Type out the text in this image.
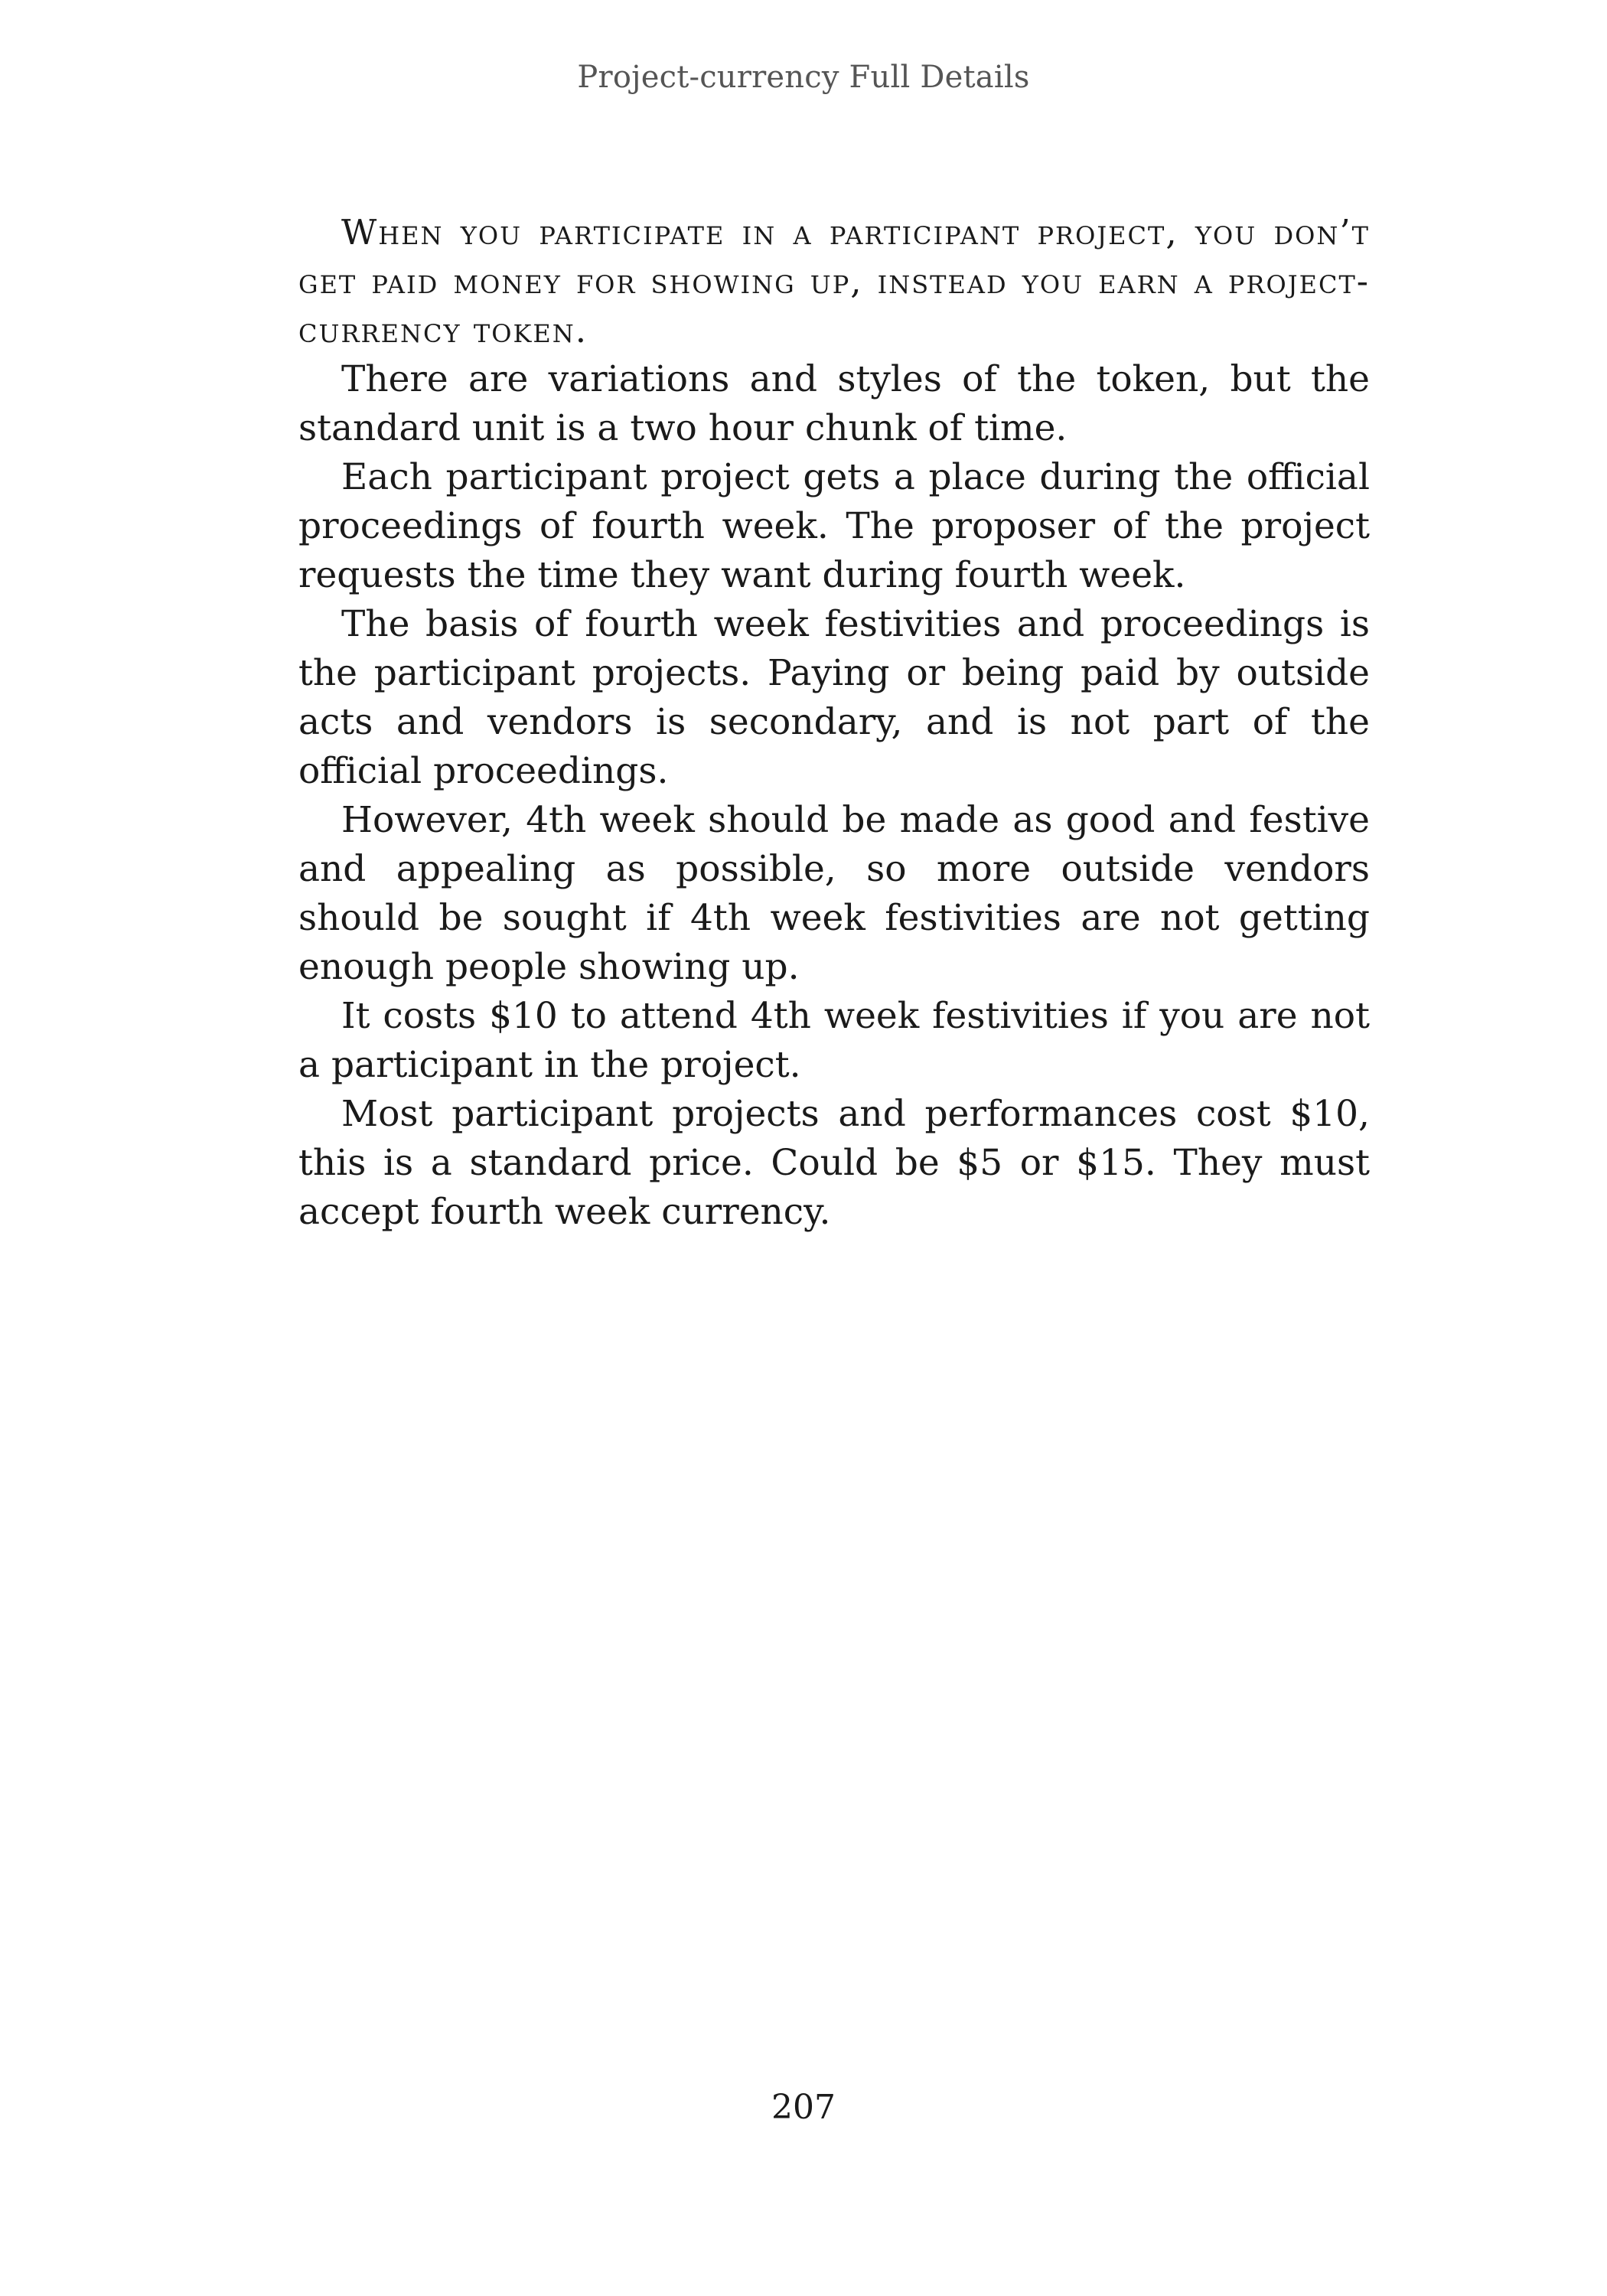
Project-currency Full Details

When you participate in a participant project, you don’t get paid money for showing up, instead you earn a project-currency token.

There are variations and styles of the token, but the standard unit is a two hour chunk of time.

Each participant project gets a place during the official proceedings of fourth week. The proposer of the project requests the time they want during fourth week.

The basis of fourth week festivities and proceedings is the participant projects. Paying or being paid by outside acts and vendors is secondary, and is not part of the official proceedings.

However, 4th week should be made as good and festive and appealing as possible, so more outside vendors should be sought if 4th week festivities are not getting enough people showing up.

It costs $10 to attend 4th week festivities if you are not a participant in the project.

Most participant projects and performances cost $10, this is a standard price. Could be $5 or $15. They must accept fourth week currency.

207
